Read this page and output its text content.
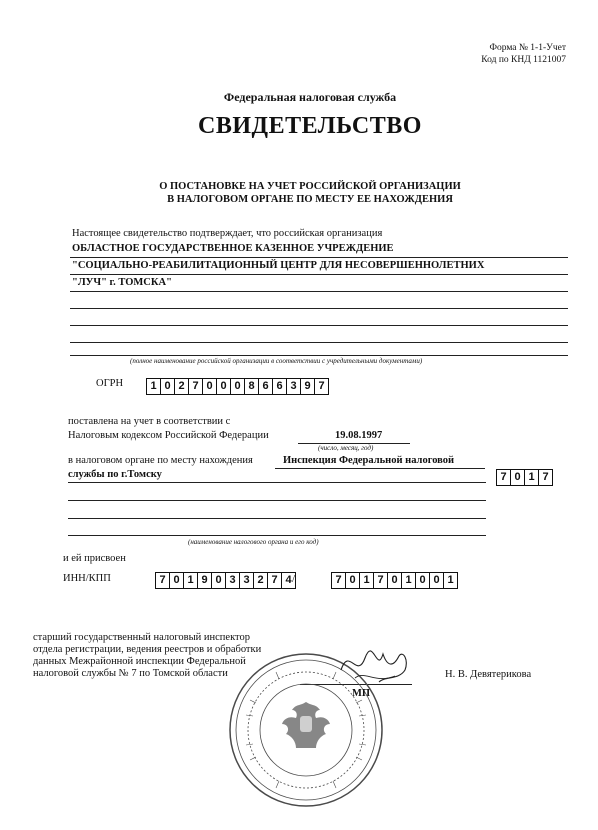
Форма № 1-1-Учет
Код по КНД 1121007
Федеральная налоговая служба
СВИДЕТЕЛЬСТВО
О ПОСТАНОВКЕ НА УЧЕТ РОССИЙСКОЙ ОРГАНИЗАЦИИ
В НАЛОГОВОМ ОРГАНЕ ПО МЕСТУ ЕЕ НАХОЖДЕНИЯ
Настоящее свидетельство подтверждает, что российская организация
ОБЛАСТНОЕ ГОСУДАРСТВЕННОЕ КАЗЕННОЕ УЧРЕЖДЕНИЕ
"СОЦИАЛЬНО-РЕАБИЛИТАЦИОННЫЙ ЦЕНТР ДЛЯ НЕСОВЕРШЕННОЛЕТНИХ
"ЛУЧ" г. ТОМСКА"
(полное наименование российской организации в соответствии с учредительными документами)
ОГРН	1 0 2 7 0 0 0 8 6 6 3 9 7
поставлена на учет в соответствии с
Налоговым кодексом Российской Федерации	19.08.1997
(число, месяц, год)
в налоговом органе по месту нахождения	Инспекция Федеральной налоговой
службы по г.Томску	7 0 1 7
(наименование налогового органа и его код)
и ей присвоен
ИНН/КПП	7 0 1 9 0 3 3 2 7 4 /	7 0 1 7 0 1 0 0 1
старший государственный налоговый инспектор
отдела регистрации, ведения реестров и обработки
данных Межрайонной инспекции Федеральной
налоговой службы № 7 по Томской области	Н. В. Девятерикова
МП
